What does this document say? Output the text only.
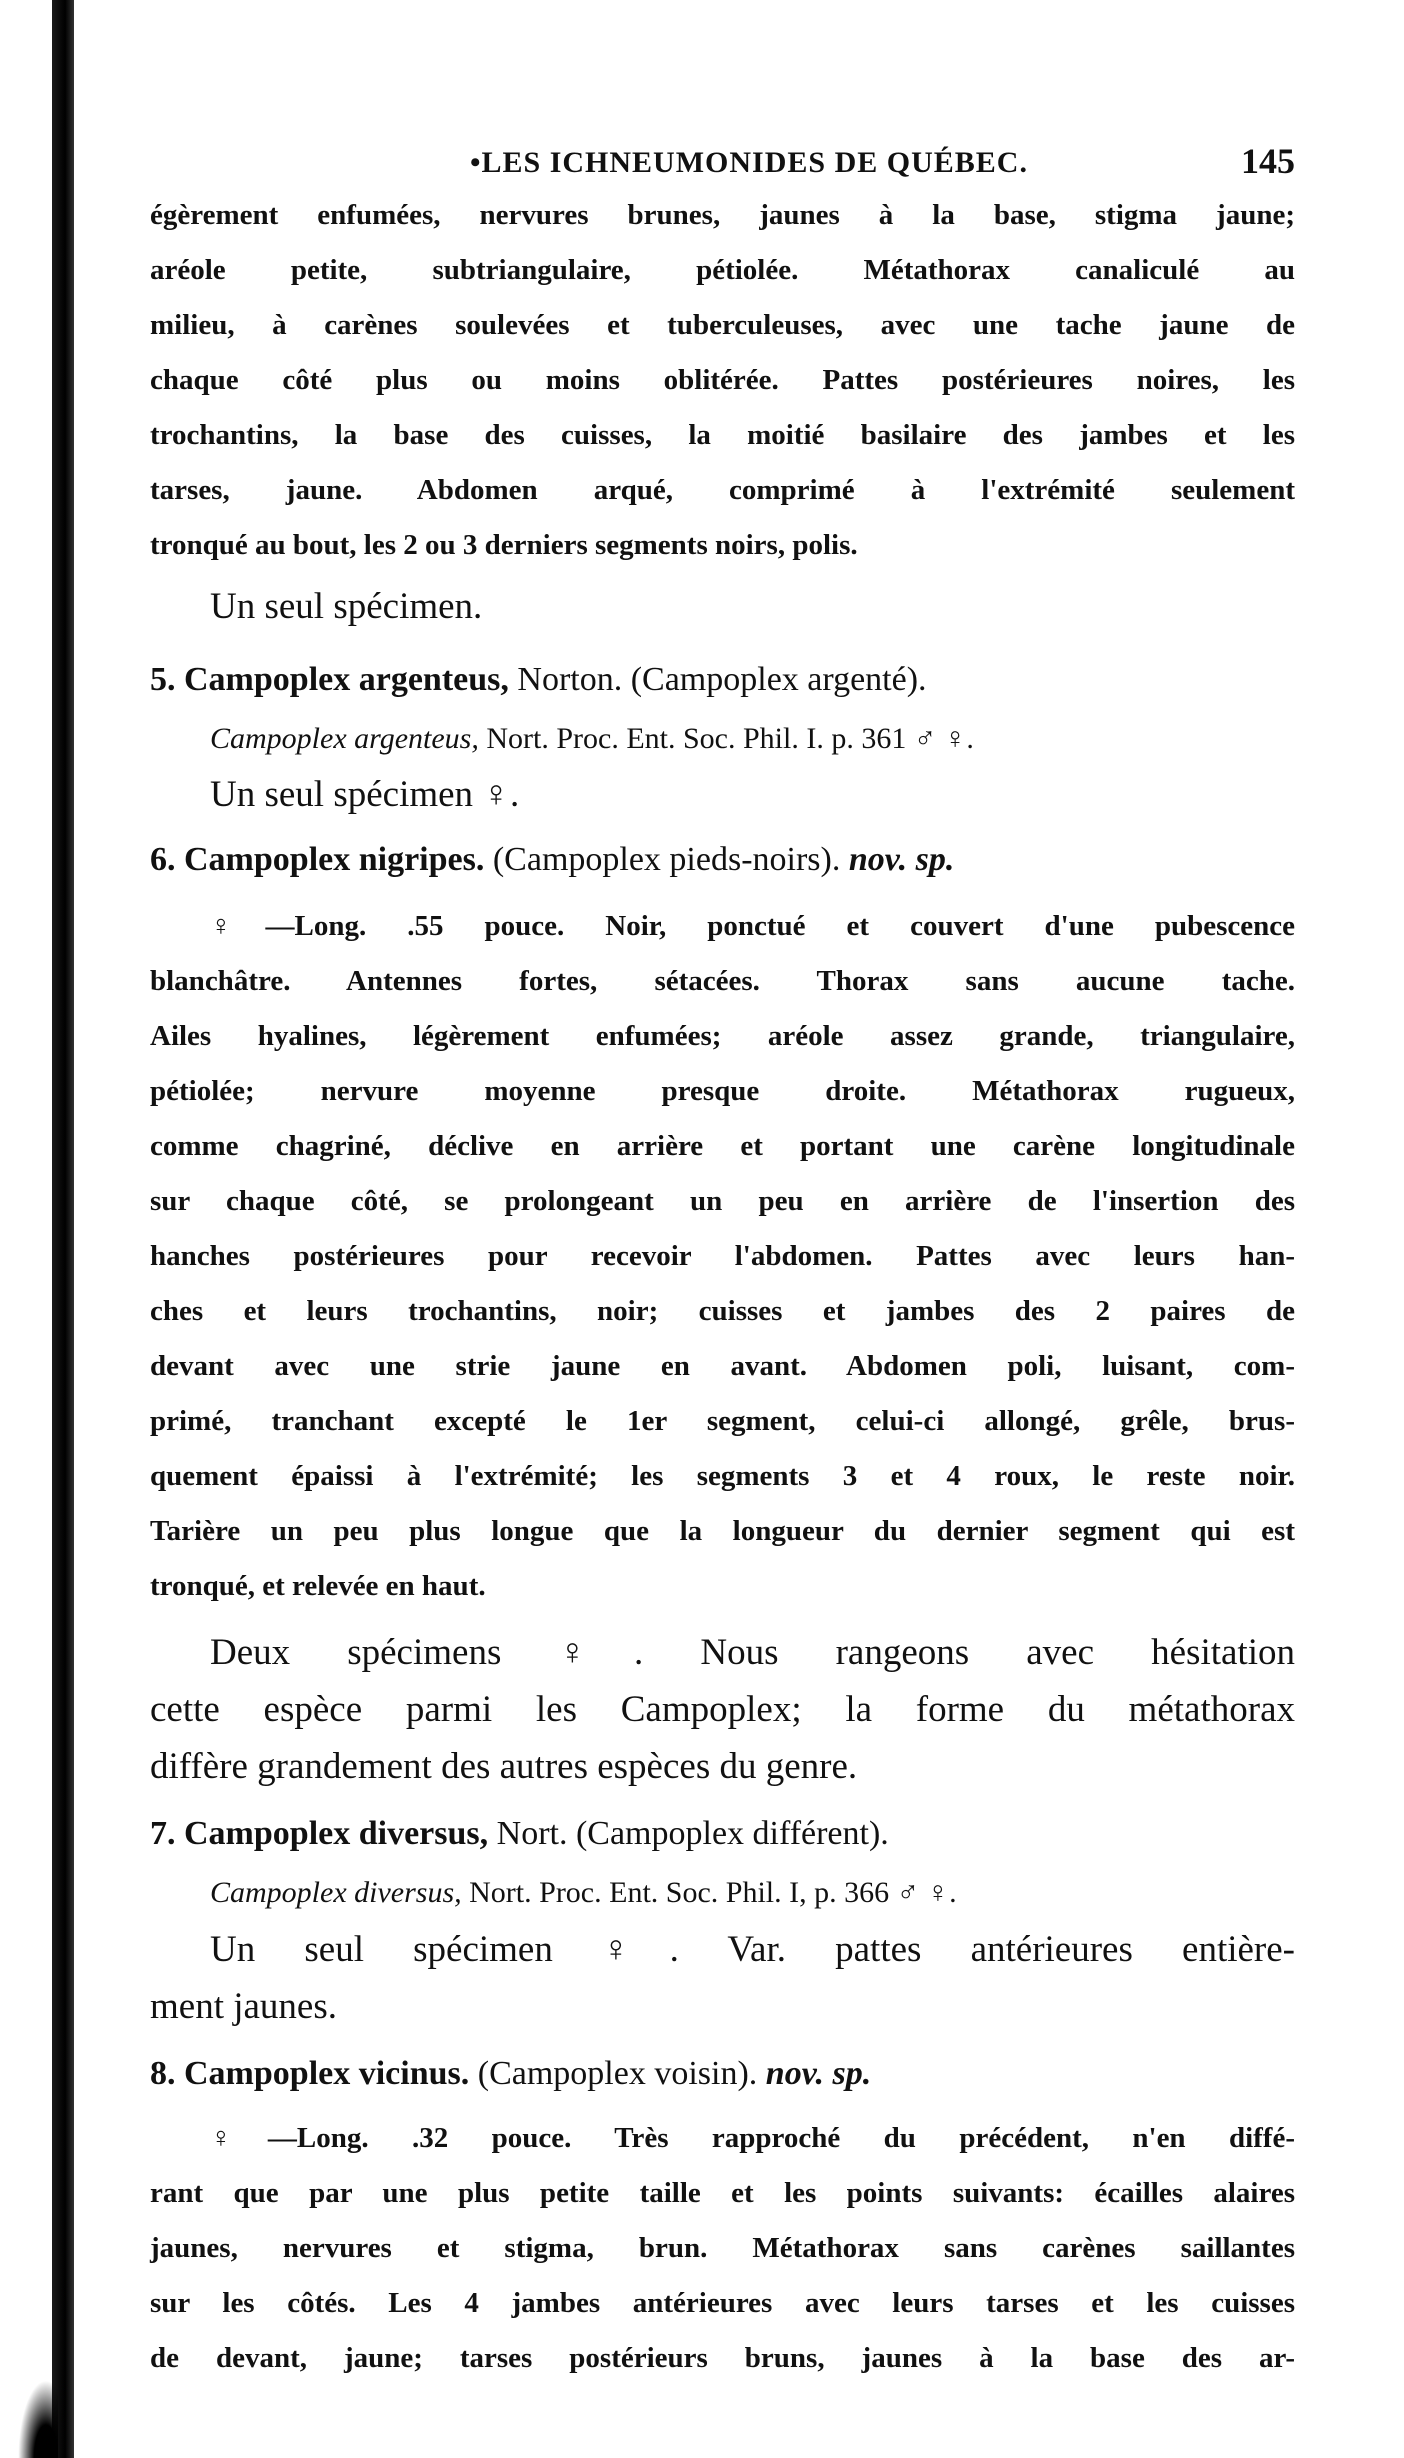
•LES ICHNEUMONIDES DE QUÉBEC.	145

égèrement enfumées, nervures brunes, jaunes à la base, stigma jaune;

aréole petite, subtriangulaire, pétiolée. Métathorax canaliculé au

milieu, à carènes soulevées et tuberculeuses, avec une tache jaune de

chaque côté plus ou moins oblitérée. Pattes postérieures noires, les

trochantins, la base des cuisses, la moitié basilaire des jambes et les

tarses, jaune. Abdomen arqué, comprimé à l'extrémité seulement

tronqué au bout, les 2 ou 3 derniers segments noirs, polis.

Un seul spécimen.

5. Campoplex argenteus, Norton. (Campoplex argenté).

Campoplex argenteus, Nort. Proc. Ent. Soc. Phil. I. p. 361 ♂ ♀.

Un seul spécimen ♀.

6. Campoplex nigripes. (Campoplex pieds-noirs). nov. sp.

♀—Long. .55 pouce. Noir, ponctué et couvert d'une pubescence

blanchâtre. Antennes fortes, sétacées. Thorax sans aucune tache.

Ailes hyalines, légèrement enfumées; aréole assez grande, triangulaire,

pétiolée; nervure moyenne presque droite. Métathorax rugueux,

comme chagriné, déclive en arrière et portant une carène longitudinale

sur chaque côté, se prolongeant un peu en arrière de l'insertion des

hanches postérieures pour recevoir l'abdomen. Pattes avec leurs han-

ches et leurs trochantins, noir; cuisses et jambes des 2 paires de

devant avec une strie jaune en avant. Abdomen poli, luisant, com-

primé, tranchant excepté le 1er segment, celui-ci allongé, grêle, brus-

quement épaissi à l'extrémité; les segments 3 et 4 roux, le reste noir.

Tarière un peu plus longue que la longueur du dernier segment qui est

tronqué, et relevée en haut.

Deux spécimens ♀. Nous rangeons avec hésitation
cette espèce parmi les Campoplex; la forme du métathorax
diffère grandement des autres espèces du genre.
7. Campoplex diversus, Nort. (Campoplex différent).

Campoplex diversus, Nort. Proc. Ent. Soc. Phil. I, p. 366 ♂ ♀.

Un seul spécimen ♀. Var. pattes antérieures entière-
ment jaunes.
8. Campoplex vicinus. (Campoplex voisin). nov. sp.

♀—Long. .32 pouce. Très rapproché du précédent, n'en diffé-

rant que par une plus petite taille et les points suivants: écailles alaires

jaunes, nervures et stigma, brun. Métathorax sans carènes saillantes

sur les côtés. Les 4 jambes antérieures avec leurs tarses et les cuisses

de devant, jaune; tarses postérieurs bruns, jaunes à la base des ar-
